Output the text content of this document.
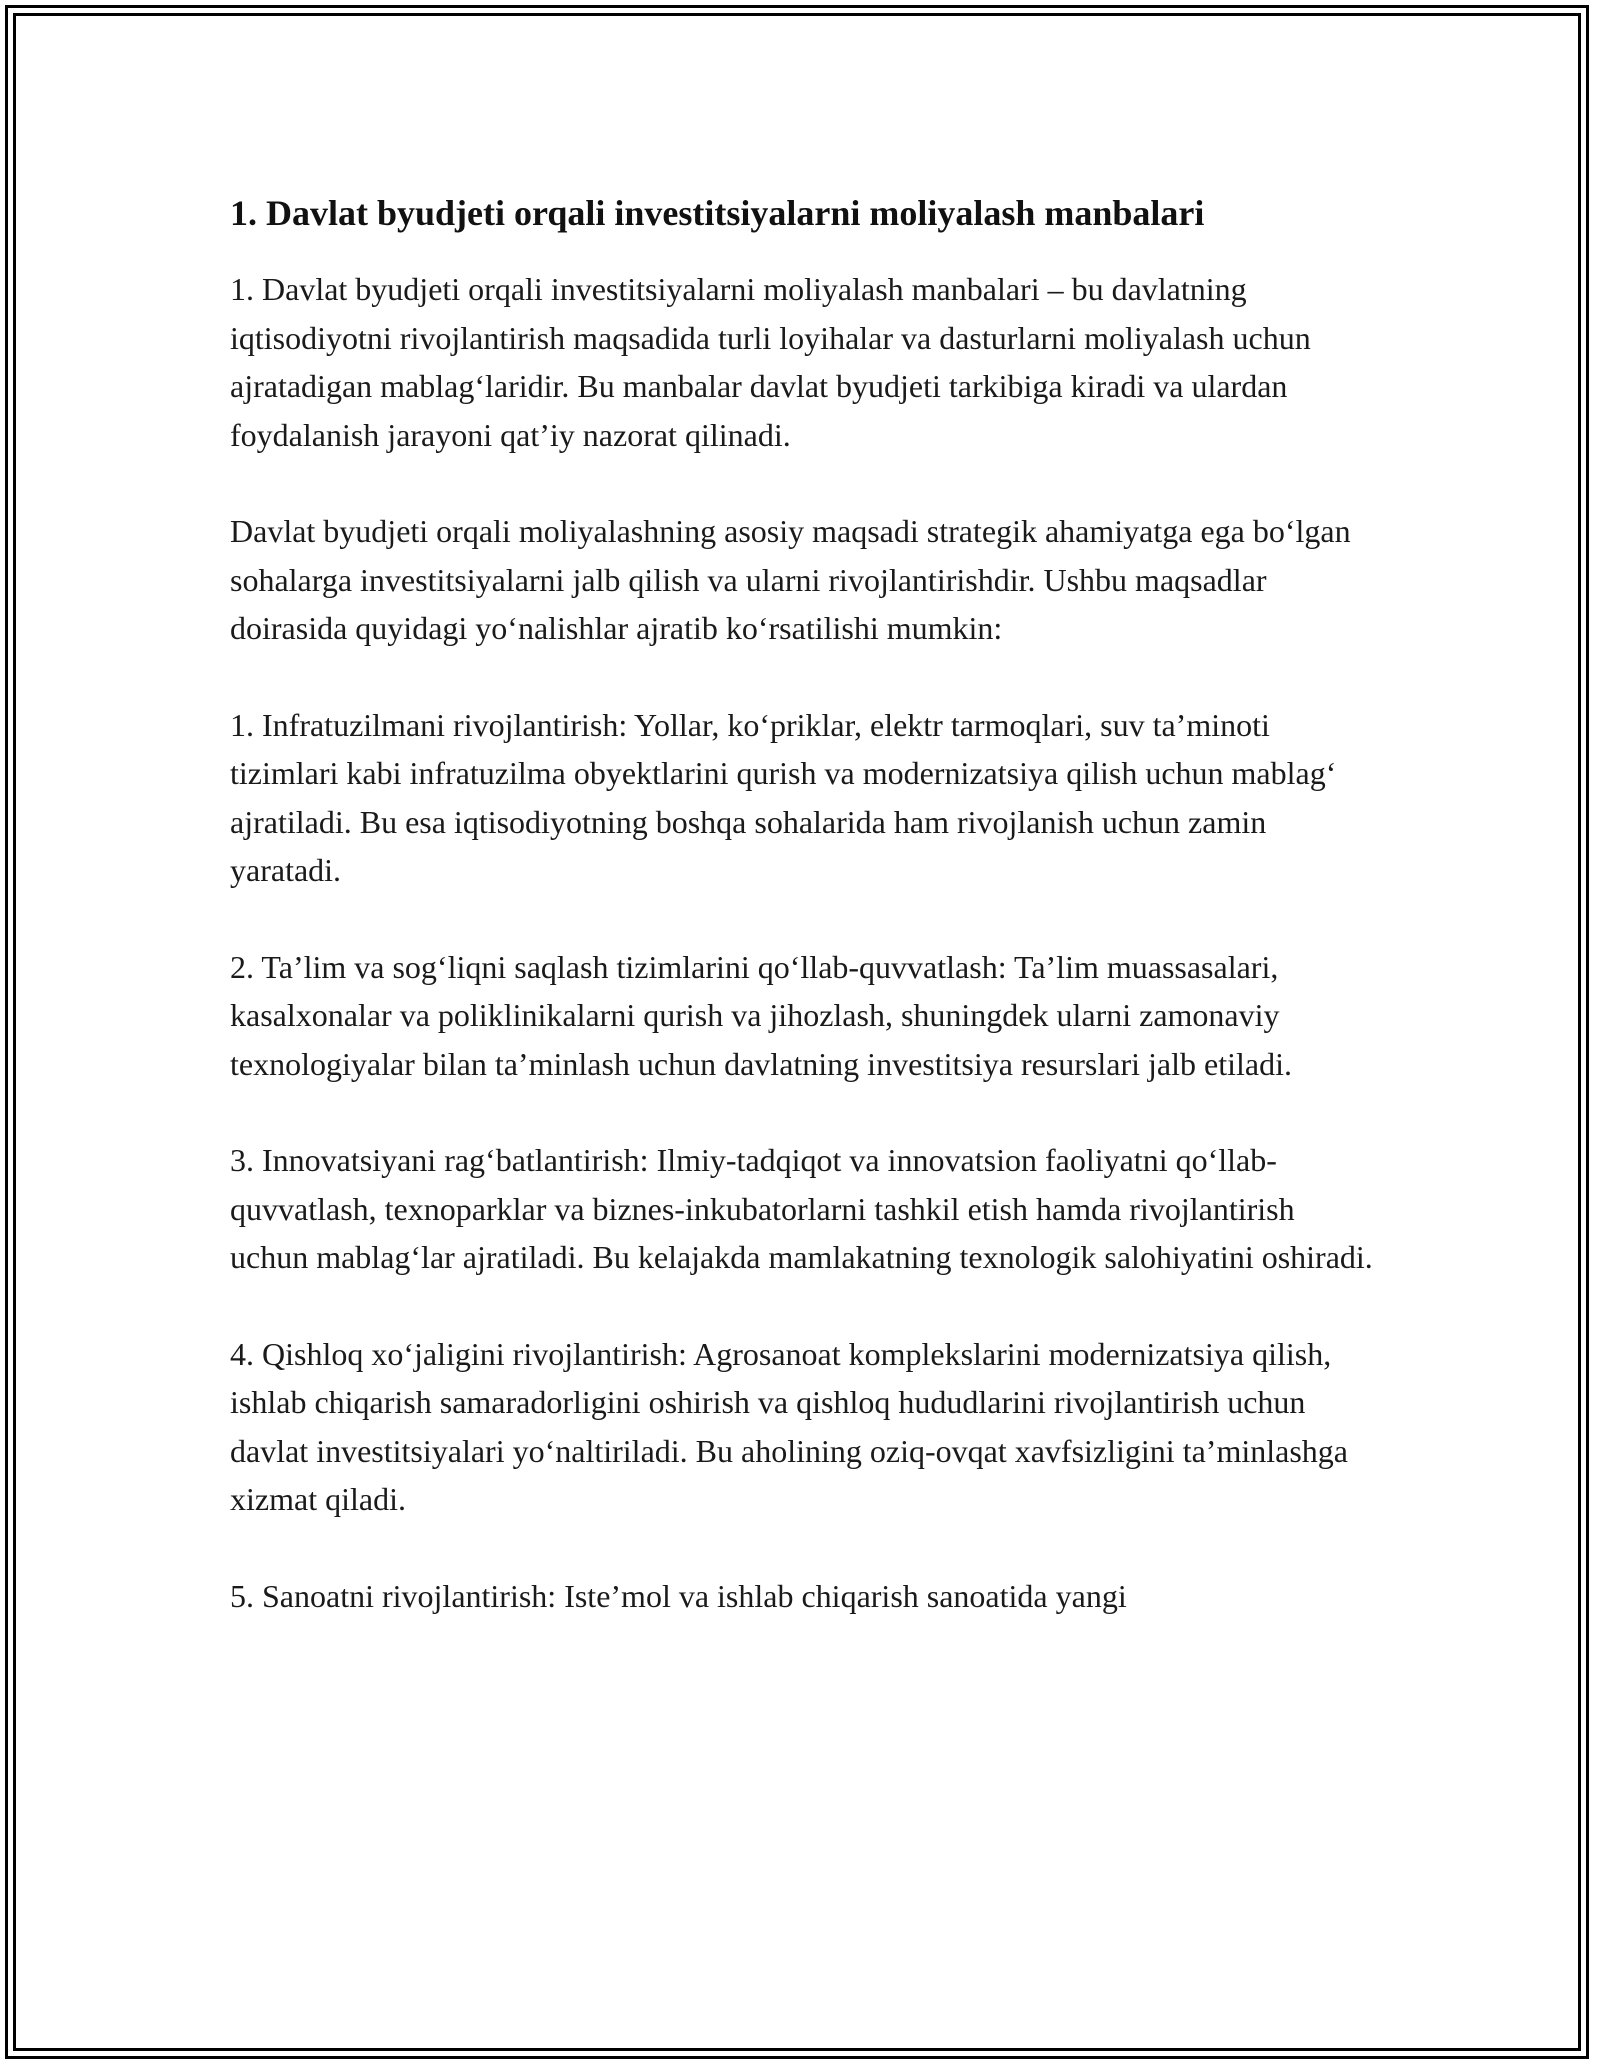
1. Davlat byudjeti orqali investitsiyalarni moliyalash manbalari

1. Davlat byudjeti orqali investitsiyalarni moliyalash manbalari – bu davlatning iqtisodiyotni rivojlantirish maqsadida turli loyihalar va dasturlarni moliyalash uchun ajratadigan mablag‘laridir. Bu manbalar davlat byudjeti tarkibiga kiradi va ulardan foydalanish jarayoni qat’iy nazorat qilinadi.

Davlat byudjeti orqali moliyalashning asosiy maqsadi strategik ahamiyatga ega bo‘lgan sohalarga investitsiyalarni jalb qilish va ularni rivojlantirishdir. Ushbu maqsadlar doirasida quyidagi yo‘nalishlar ajratib ko‘rsatilishi mumkin:

1. Infratuzilmani rivojlantirish: Yollar, ko‘priklar, elektr tarmoqlari, suv ta’minoti tizimlari kabi infratuzilma obyektlarini qurish va modernizatsiya qilish uchun mablag‘ ajratiladi. Bu esa iqtisodiyotning boshqa sohalarida ham rivojlanish uchun zamin yaratadi.

2. Ta’lim va sog‘liqni saqlash tizimlarini qo‘llab-quvvatlash: Ta’lim muassasalari, kasalxonalar va poliklinikalarni qurish va jihozlash, shuningdek ularni zamonaviy texnologiyalar bilan ta’minlash uchun davlatning investitsiya resurslari jalb etiladi.

3. Innovatsiyani rag‘batlantirish: Ilmiy-tadqiqot va innovatsion faoliyatni qo‘llab-quvvatlash, texnoparklar va biznes-inkubatorlarni tashkil etish hamda rivojlantirish uchun mablag‘lar ajratiladi. Bu kelajakda mamlakatning texnologik salohiyatini oshiradi.

4. Qishloq xo‘jaligini rivojlantirish: Agrosanoat komplekslarini modernizatsiya qilish, ishlab chiqarish samaradorligini oshirish va qishloq hududlarini rivojlantirish uchun davlat investitsiyalari yo‘naltiriladi. Bu aholining oziq-ovqat xavfsizligini ta’minlashga xizmat qiladi.

5. Sanoatni rivojlantirish: Iste’mol va ishlab chiqarish sanoatida yangi
